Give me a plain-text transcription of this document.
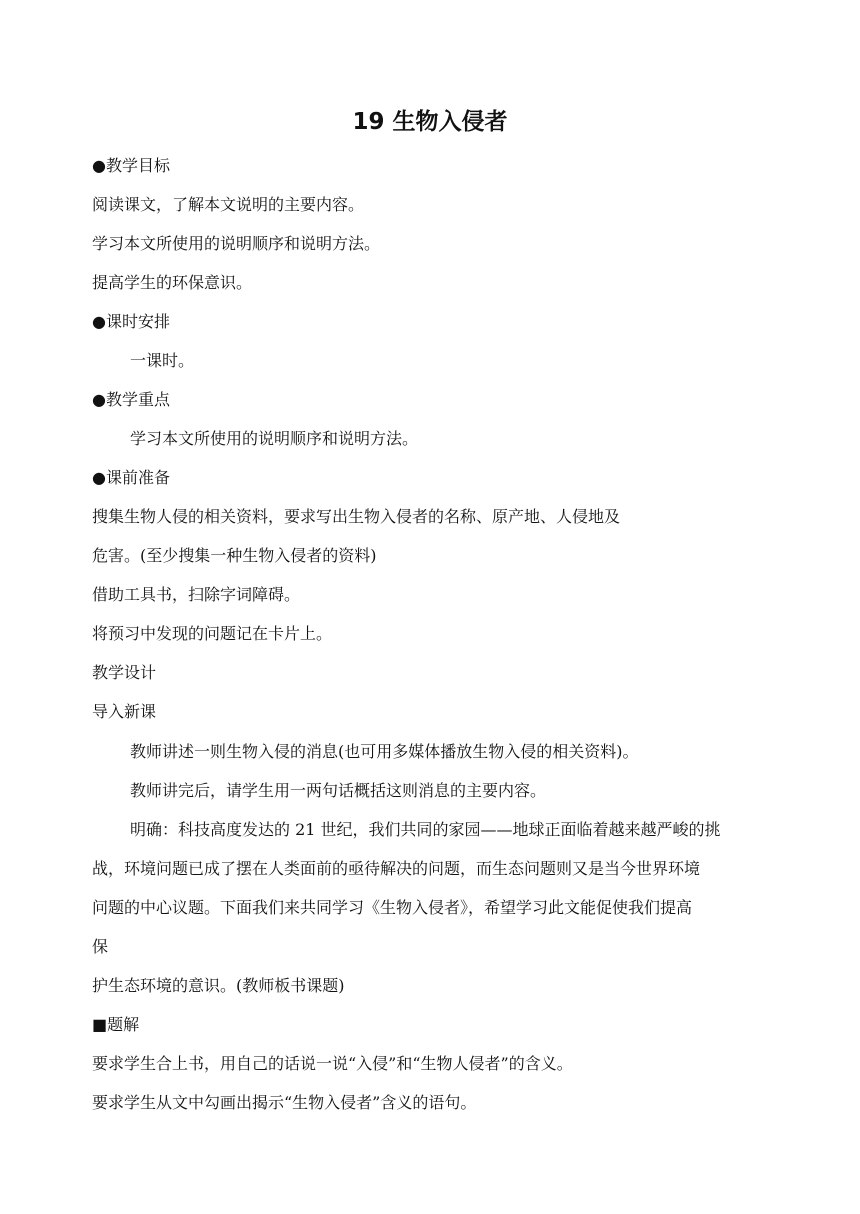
19 生物入侵者
●教学目标
阅读课文，了解本文说明的主要内容。
学习本文所使用的说明顺序和说明方法。
提高学生的环保意识。
●课时安排
一课时。
●教学重点
学习本文所使用的说明顺序和说明方法。
●课前准备
搜集生物人侵的相关资料，要求写出生物入侵者的名称、原产地、人侵地及
危害。(至少搜集一种生物入侵者的资料)
借助工具书，扫除字词障碍。
将预习中发现的问题记在卡片上。
教学设计
导入新课
教师讲述一则生物入侵的消息(也可用多媒体播放生物入侵的相关资料)。
教师讲完后，请学生用一两句话概括这则消息的主要内容。
明确：科技高度发达的 21 世纪，我们共同的家园——地球正面临着越来越严峻的挑
战，环境问题已成了摆在人类面前的亟待解决的问题，而生态问题则又是当今世界环境
问题的中心议题。下面我们来共同学习《生物入侵者》，希望学习此文能促使我们提高
保
护生态环境的意识。(教师板书课题)
■题解
要求学生合上书，用自己的话说一说“入侵”和“生物人侵者”的含义。
要求学生从文中勾画出揭示“生物入侵者”含义的语句。
